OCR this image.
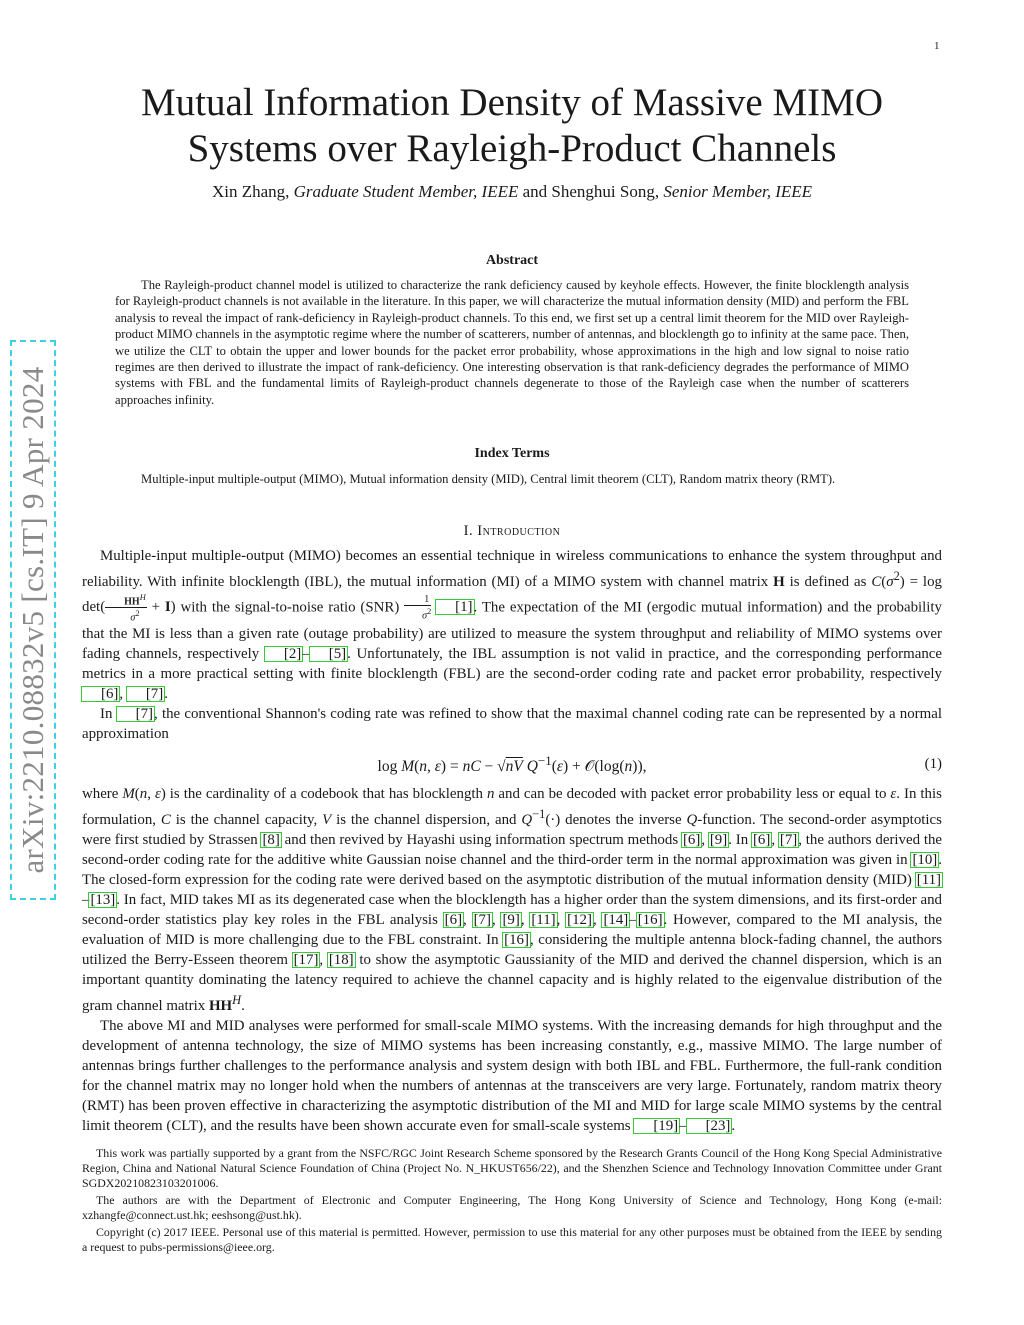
1
arXiv:2210.08832v5 [cs.IT] 9 Apr 2024
Mutual Information Density of Massive MIMO Systems over Rayleigh-Product Channels
Xin Zhang, Graduate Student Member, IEEE and Shenghui Song, Senior Member, IEEE
Abstract

The Rayleigh-product channel model is utilized to characterize the rank deficiency caused by keyhole effects. However, the finite blocklength analysis for Rayleigh-product channels is not available in the literature. In this paper, we will characterize the mutual information density (MID) and perform the FBL analysis to reveal the impact of rank-deficiency in Rayleigh-product channels. To this end, we first set up a central limit theorem for the MID over Rayleigh-product MIMO channels in the asymptotic regime where the number of scatterers, number of antennas, and blocklength go to infinity at the same pace. Then, we utilize the CLT to obtain the upper and lower bounds for the packet error probability, whose approximations in the high and low signal to noise ratio regimes are then derived to illustrate the impact of rank-deficiency. One interesting observation is that rank-deficiency degrades the performance of MIMO systems with FBL and the fundamental limits of Rayleigh-product channels degenerate to those of the Rayleigh case when the number of scatterers approaches infinity.

Index Terms

Multiple-input multiple-output (MIMO), Mutual information density (MID), Central limit theorem (CLT), Random matrix theory (RMT).

I. Introduction

Multiple-input multiple-output (MIMO) becomes an essential technique in wireless communications to enhance the system throughput and reliability. With infinite blocklength (IBL), the mutual information (MI) of a MIMO system with channel matrix H is defined as $C(\sigma^2) = \log \det( \frac{HH^H}{\sigma^2} + I)$ with the signal-to-noise ratio $(SNR) \frac{1}{\sigma^2} [1]$. The expectation of the MI (ergodic mutual information) and the probability that the MI is less than a given rate (outage probability) are utilized to measure the system throughput and reliability of MIMO systems over fading channels, respectively [2]– [5]. Unfortunately, the IBL assumption is not valid in practice, and the corresponding performance metrics in a more practical setting with finite blocklength (FBL) are the second-order coding rate and packet error probability, respectively [6], [7].

In [7], the conventional Shannon's coding rate was refined to show that the maximal channel coding rate can be represented by a normal approximation

log M(n, ε) = nC − √nV $Q^{-1}(\varepsilon)$ + 𝒪(log(n)),	(1)

where M(n, ε) is the cardinality of a codebook that has blocklength n and can be decoded with packet error probability less or equal to ε. In this formulation, C is the channel capacity, V is the channel dispersion, and $Q^{-1}(\cdot)$ denotes the inverse Q-function. The second-order asymptotics were first studied by Strassen [8] and then revived by Hayashi using information spectrum methods [6], [9]. In [6], [7], the authors derived the second-order coding rate for the additive white Gaussian noise channel and the third-order term in the normal approximation was given in [10]. The closed-form expression for the coding rate were derived based on the asymptotic distribution of the mutual information density (MID) [11]–[13]. In fact, MID takes MI as its degenerated case when the blocklength has a higher order than the system dimensions, and its first-order and second-order statistics play key roles in the FBL analysis [6], [7], [9], [11], [12], [14]–[16]. However, compared to the MI analysis, the evaluation of MID is more challenging due to the FBL constraint. In [16], considering the multiple antenna block-fading channel, the authors utilized the Berry-Esseen theorem [17], [18] to show the asymptotic Gaussianity of the MID and derived the channel dispersion, which is an important quantity dominating the latency required to achieve the channel capacity and is highly related to the eigenvalue distribution of the gram channel matrix $HH^H$.

The above MI and MID analyses were performed for small-scale MIMO systems. With the increasing demands for high throughput and the development of antenna technology, the size of MIMO systems has been increasing constantly, e.g., massive MIMO. The large number of antennas brings further challenges to the performance analysis and system design with both IBL and FBL. Furthermore, the full-rank condition for the channel matrix may no longer hold when the numbers of antennas at the transceivers are very large. Fortunately, random matrix theory (RMT) has been proven effective in characterizing the asymptotic distribution of the MI and MID for large scale MIMO systems by the central limit theorem (CLT), and the results have been shown accurate even for small-scale systems [19]– [23].

This work was partially supported by a grant from the NSFC/RGC Joint Research Scheme sponsored by the Research Grants Council of the Hong Kong Special Administrative Region, China and National Natural Science Foundation of China (Project No. N_HKUST656/22), and the Shenzhen Science and Technology Innovation Committee under Grant SGDX20210823103201006.

The authors are with the Department of Electronic and Computer Engineering, The Hong Kong University of Science and Technology, Hong Kong (e-mail: xzhangfe@connect.ust.hk; eeshsong@ust.hk).

Copyright (c) 2017 IEEE. Personal use of this material is permitted. However, permission to use this material for any other purposes must be obtained from the IEEE by sending a request to pubs-permissions@ieee.org.
